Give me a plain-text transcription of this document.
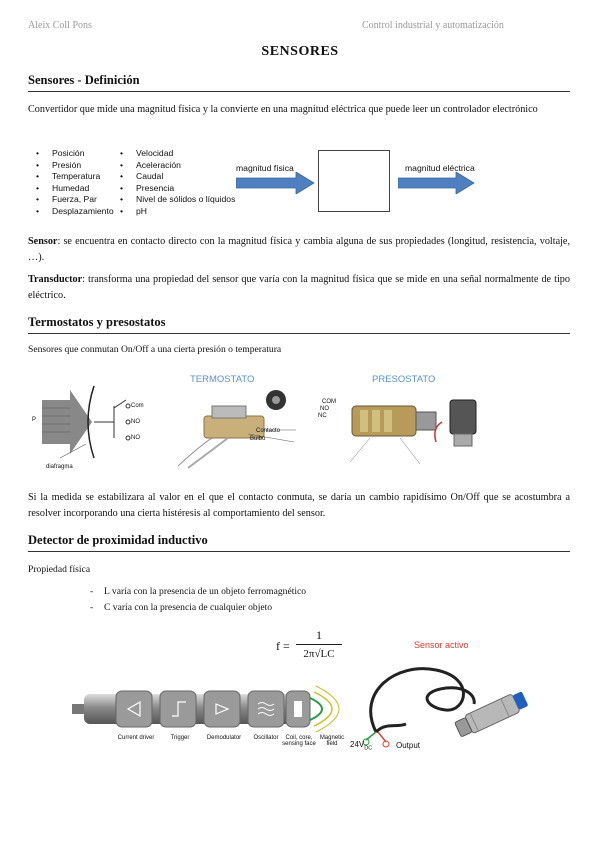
Aleix Coll Pons	Control industrial y automatización
SENSORES
Sensores - Definición
Convertidor que mide una magnitud física y la convierte en una magnitud eléctrica que puede leer un controlador electrónico
• Posición
• Presión
• Temperatura
• Humedad
• Fuerza, Par
• Desplazamiento
• Velocidad
• Aceleración
• Caudal
• Presencia
• Nivel de sólidos o líquidos
• pH
magnitud física	magnitud eléctrica
Sensor: se encuentra en contacto directo con la magnitud física y cambia alguna de sus propiedades (longitud, resistencia, voltaje, …).
Transductor: transforma una propiedad del sensor que varía con la magnitud física que se mide en una señal normalmente de tipo eléctrico.
Termostatos y presostatos
Sensores que conmutan On/Off a una cierta presión o temperatura
P
Com
NO
NO
diafragma
TERMOSTATO
Contacto
Bulbo
PRESOSTATO
COM
NO
NC
Si la medida se estabilizara al valor en el que el contacto conmuta, se daría un cambio rapidísimo On/Off que se acostumbra a resolver incorporando una cierta histéresis al comportamiento del sensor.
Detector de proximidad inductivo
Propiedad física
- L varía con la presencia de un objeto ferromagnético
- C varía con la presencia de cualquier objeto
f =
1
2π√LC
Current driver	Trigger	Demodulator	Oscillator	Coil, core, sensing face
Magnetic field
Sensor activo
$24V_{DC}$	Output
